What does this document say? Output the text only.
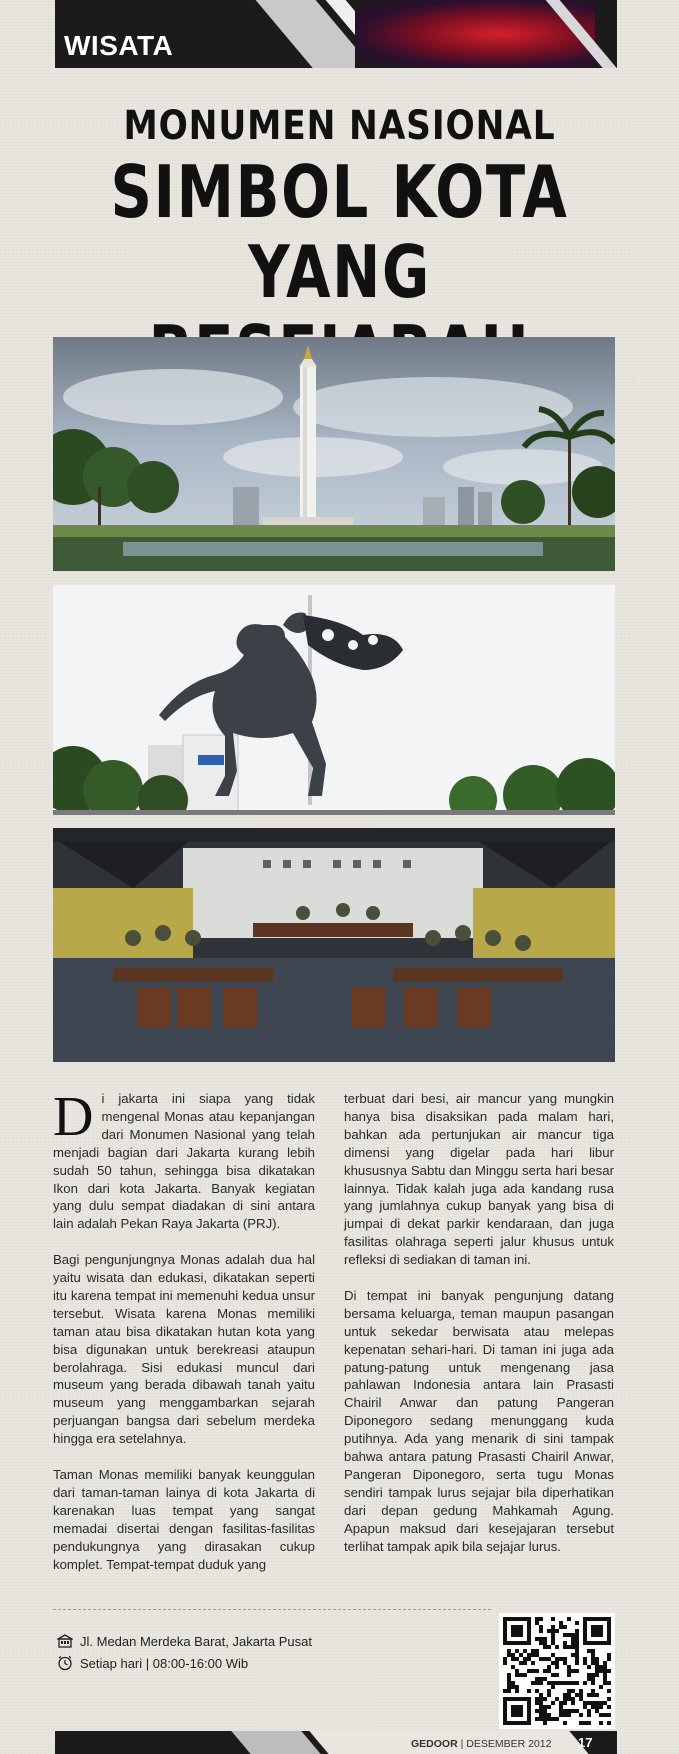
WISATA
MONUMEN NASIONAL
SIMBOL KOTA
YANG

Di jakarta ini siapa yang tidak mengenal Monas atau kepanjangan dari Monumen Nasional yang telah menjadi bagian dari Jakarta kurang lebih sudah 50 tahun, sehingga bisa dikatakan Ikon dari kota Jakarta. Banyak kegiatan yang dulu sempat diadakan di sini antara lain adalah Pekan Raya Jakarta (PRJ).

Bagi pengunjungnya Monas adalah dua hal yaitu wisata dan edukasi, dikatakan seperti itu karena tempat ini memenuhi kedua unsur tersebut. Wisata karena Monas memiliki taman atau bisa dikatakan hutan kota yang bisa digunakan untuk berekreasi ataupun berolahraga. Sisi edukasi muncul dari museum yang berada dibawah tanah yaitu museum yang menggambarkan sejarah perjuangan bangsa dari sebelum merdeka hingga era setelahnya.

Taman Monas memiliki banyak keunggulan dari taman-taman lainya di kota Jakarta di karenakan luas tempat yang sangat memadai disertai dengan fasilitas-fasilitas pendukungnya yang dirasakan cukup komplet. Tempat-tempat duduk yang

terbuat dari besi, air mancur yang mungkin hanya bisa disaksikan pada malam hari, bahkan ada pertunjukan air mancur tiga dimensi yang digelar pada hari libur khususnya Sabtu dan Minggu serta hari besar lainnya. Tidak kalah juga ada kandang rusa yang jumlahnya cukup banyak yang bisa di jumpai di dekat parkir kendaraan, dan juga fasilitas olahraga seperti jalur khusus untuk refleksi di sediakan di taman ini.

Di tempat ini banyak pengunjung datang bersama keluarga, teman maupun pasangan untuk sekedar berwisata atau melepas kepenatan sehari-hari. Di taman ini juga ada patung-patung untuk mengenang jasa pahlawan Indonesia antara lain Prasasti Chairil Anwar dan patung Pangeran Diponegoro sedang menunggang kuda putihnya. Ada yang menarik di sini tampak bahwa antara patung Prasasti Chairil Anwar, Pangeran Diponegoro, serta tugu Monas sendiri tampak lurus sejajar bila diperhatikan dari depan gedung Mahkamah Agung. Apapun maksud dari kesejajaran tersebut terlihat tampak apik bila sejajar lurus.

Jl. Medan Merdeka Barat, Jakarta Pusat
Setiap hari | 08:00-16:00 Wib
GEDOOR | DESEMBER 2012 17
